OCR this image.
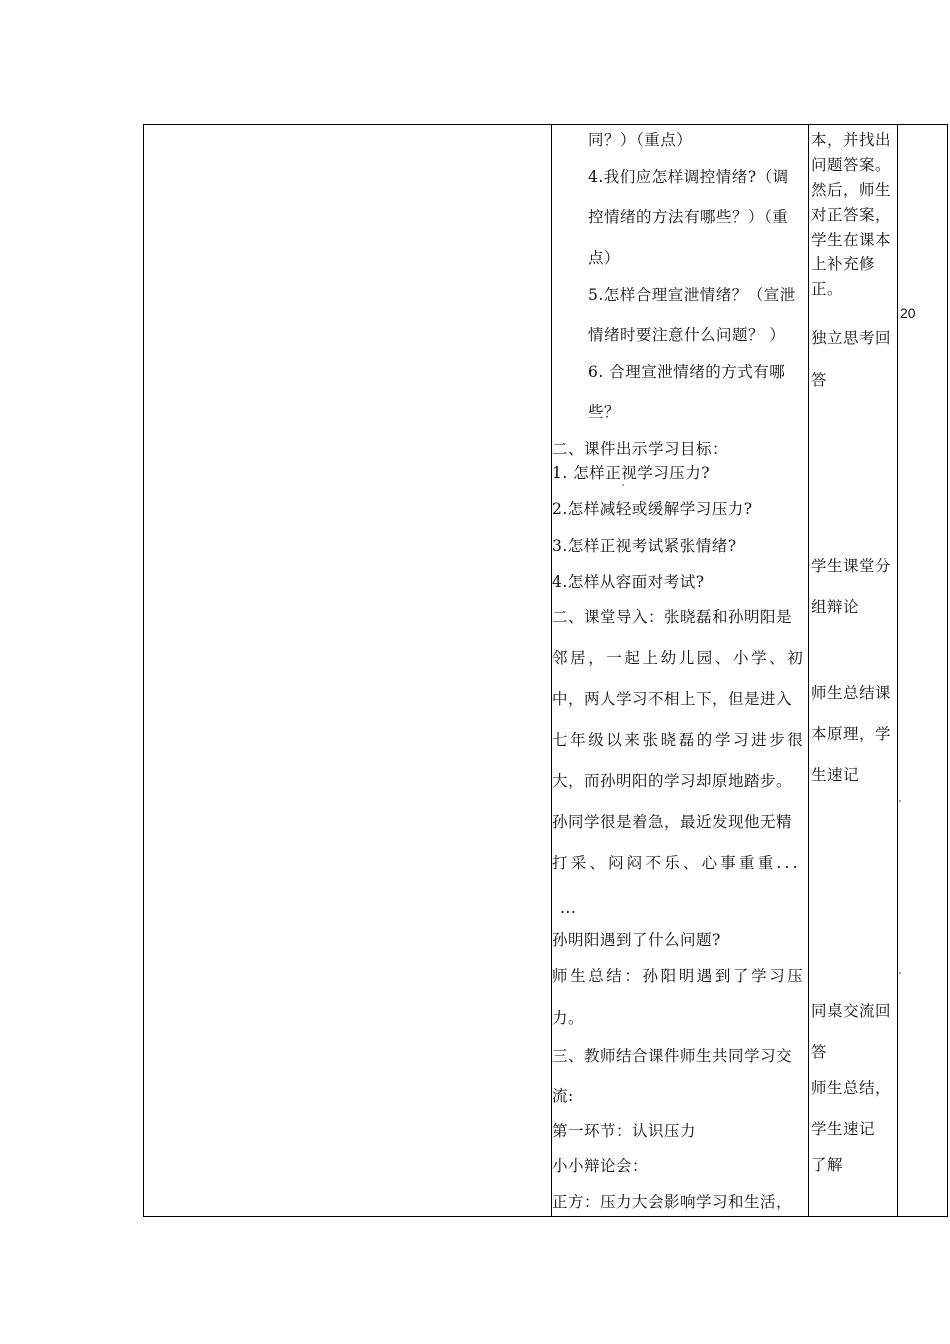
同？）（重点）
4.我们应怎样调控情绪?（调
控情绪的方法有哪些？）（重
点）
5.怎样合理宣泄情绪？（宣泄
情绪时要注意什么问题？ ）
6. 合理宣泄情绪的方式有哪
些？
二、课件出示学习目标：
1. 怎样正视学习压力?
2.怎样减轻或缓解学习压力?
3.怎样正视考试紧张情绪?
4.怎样从容面对考试?
二、课堂导入：张晓磊和孙明阳是
邻居，一起上幼儿园、小学、初
中，两人学习不相上下，但是进入
七年级以来张晓磊的学习进步很
大，而孙明阳的学习却原地踏步。
孙同学很是着急，最近发现他无精
打采、闷闷不乐、心事重重...
...
孙明阳遇到了什么问题?
师生总结：孙阳明遇到了学习压
力。
三、教师结合课件师生共同学习交
流:
第一环节：认识压力
小小辩论会：
正方：压力大会影响学习和生活，
本，并找出
问题答案。
然后，师生
对正答案，
学生在课本
上补充修
正。
独立思考回
答
学生课堂分
组辩论
师生总结课
本原理，学
生速记
同桌交流回
答
师生总结，
学生速记
了解
20
